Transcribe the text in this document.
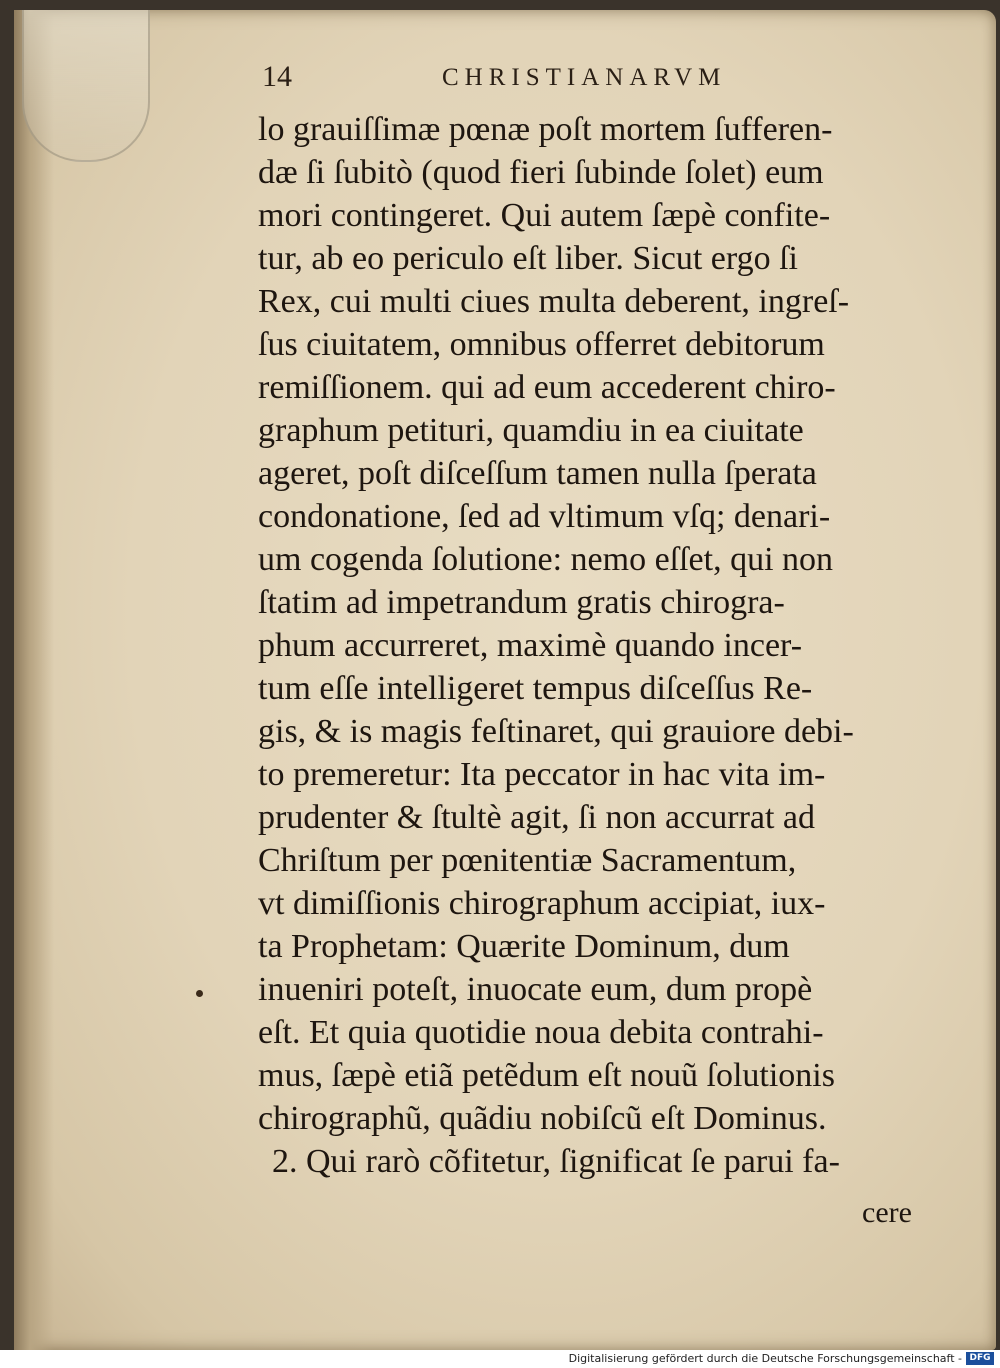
14	CHRISTIANARVM
lo grauiſſimæ pœnæ poſt mortem ſufferen-
dæ ſi ſubitò (quod fieri ſubinde ſolet) eum
mori contingeret. Qui autem ſæpè confite-
tur, ab eo periculo eſt liber. Sicut ergo ſi
Rex, cui multi ciues multa deberent, ingreſ-
ſus ciuitatem, omnibus offerret debitorum
remiſſionem. qui ad eum accederent chiro-
graphum petituri, quamdiu in ea ciuitate
ageret, poſt diſceſſum tamen nulla ſperata
condonatione, ſed ad vltimum vſq; denari-
um cogenda ſolutione: nemo eſſet, qui non
ſtatim ad impetrandum gratis chirogra-
phum accurreret, maximè quando incer-
tum eſſe intelligeret tempus diſceſſus Re-
gis, & is magis feſtinaret, qui grauiore debi-
to premeretur: Ita peccator in hac vita im-
prudenter & ſtultè agit, ſi non accurrat ad
Chriſtum per pœnitentiæ Sacramentum,
vt dimiſſionis chirographum accipiat, iux-
ta Prophetam: Quærite Dominum, dum
inueniri poteſt, inuocate eum, dum propè
eſt. Et quia quotidie noua debita contrahi-
mus, ſæpè etiã petẽdum eſt nouũ ſolutionis
chirographũ, quãdiu nobiſcũ eſt Dominus.
2. Qui rarò cõfitetur, ſignificat ſe parui fa-
cere
Digitalisierung gefördert durch die Deutsche Forschungsgemeinschaft - DFG
